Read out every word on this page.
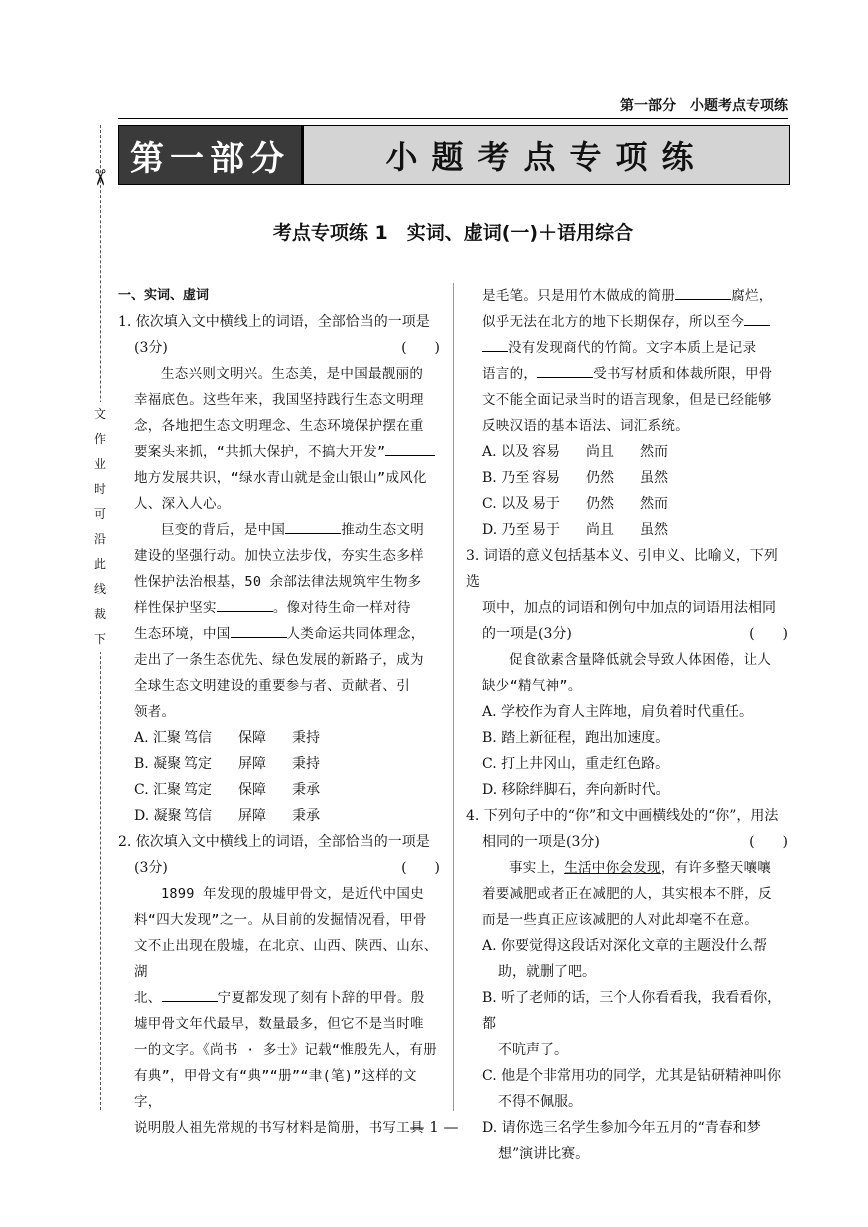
第一部分　小题考点专项练
第一部分	小题考点专项练
✂
文
作
业
时
可
沿
此
线
裁
下
考点专项练 1　实词、虚词(一)＋语用综合
一、实词、虚词
1. 依次填入文中横线上的词语，全部恰当的一项是
(3分)	(　　)
生态兴则文明兴。生态美，是中国最靓丽的
幸福底色。这些年来，我国坚持践行生态文明理
念，各地把生态文明理念、生态环境保护摆在重
要案头来抓，“共抓大保护，不搞大开发”
地方发展共识，“绿水青山就是金山银山”成风化
人、深入人心。
巨变的背后，是中国	推动生态文明
建设的坚强行动。加快立法步伐，夯实生态多样
性保护法治根基，50 余部法律法规筑牢生物多
样性保护坚实	。像对待生命一样对待
生态环境，中国	人类命运共同体理念，
走出了一条生态优先、绿色发展的新路子，成为
全球生态文明建设的重要参与者、贡献者、引
领者。
A. 汇聚 笃信	保障	秉持
B. 凝聚 笃定	屏障	秉持
C. 汇聚 笃定	保障	秉承
D. 凝聚 笃信	屏障	秉承
2. 依次填入文中横线上的词语，全部恰当的一项是
(3分)	(　　)
1899 年发现的殷墟甲骨文，是近代中国史
料“四大发现”之一。从目前的发掘情况看，甲骨
文不止出现在殷墟，在北京、山西、陕西、山东、湖
北、	宁夏都发现了刻有卜辞的甲骨。殷
墟甲骨文年代最早，数量最多，但它不是当时唯
一的文字。《尚书 · 多士》记载“惟殷先人，有册
有典”，甲骨文有“典”“册”“聿(笔)”这样的文字，
说明殷人祖先常规的书写材料是简册，书写工具
是毛笔。只是用竹木做成的简册	腐烂，
似乎无法在北方的地下长期保存，所以至今
没有发现商代的竹简。文字本质上是记录
语言的，	受书写材质和体裁所限，甲骨
文不能全面记录当时的语言现象，但是已经能够
反映汉语的基本语法、词汇系统。
A. 以及 容易	尚且	然而
B. 乃至 容易	仍然	虽然
C. 以及 易于	仍然	然而
D. 乃至 易于	尚且	虽然
3. 词语的意义包括基本义、引申义、比喻义，下列选
项中，加点的词语和例句中加点的词语用法相同
的一项是(3分)	(　　)
促食欲素含量降低就会导致人体困倦，让人
缺少“精气神”。
A. 学校作为育人主阵地，肩负着时代重任。
B. 踏上新征程，跑出加速度。
C. 打上井冈山，重走红色路。
D. 移除绊脚石，奔向新时代。
4. 下列句子中的“你”和文中画横线处的“你”，用法
相同的一项是(3分)	(　　)
事实上，生活中你会发现，有许多整天嚷嚷
着要减肥或者正在减肥的人，其实根本不胖，反
而是一些真正应该减肥的人对此却毫不在意。
A. 你要觉得这段话对深化文章的主题没什么帮
助，就删了吧。
B. 听了老师的话，三个人你看看我，我看看你，都
不吭声了。
C. 他是个非常用功的同学，尤其是钻研精神叫你
不得不佩服。
D. 请你选三名学生参加今年五月的“青春和梦
想”演讲比赛。
— 1 —
